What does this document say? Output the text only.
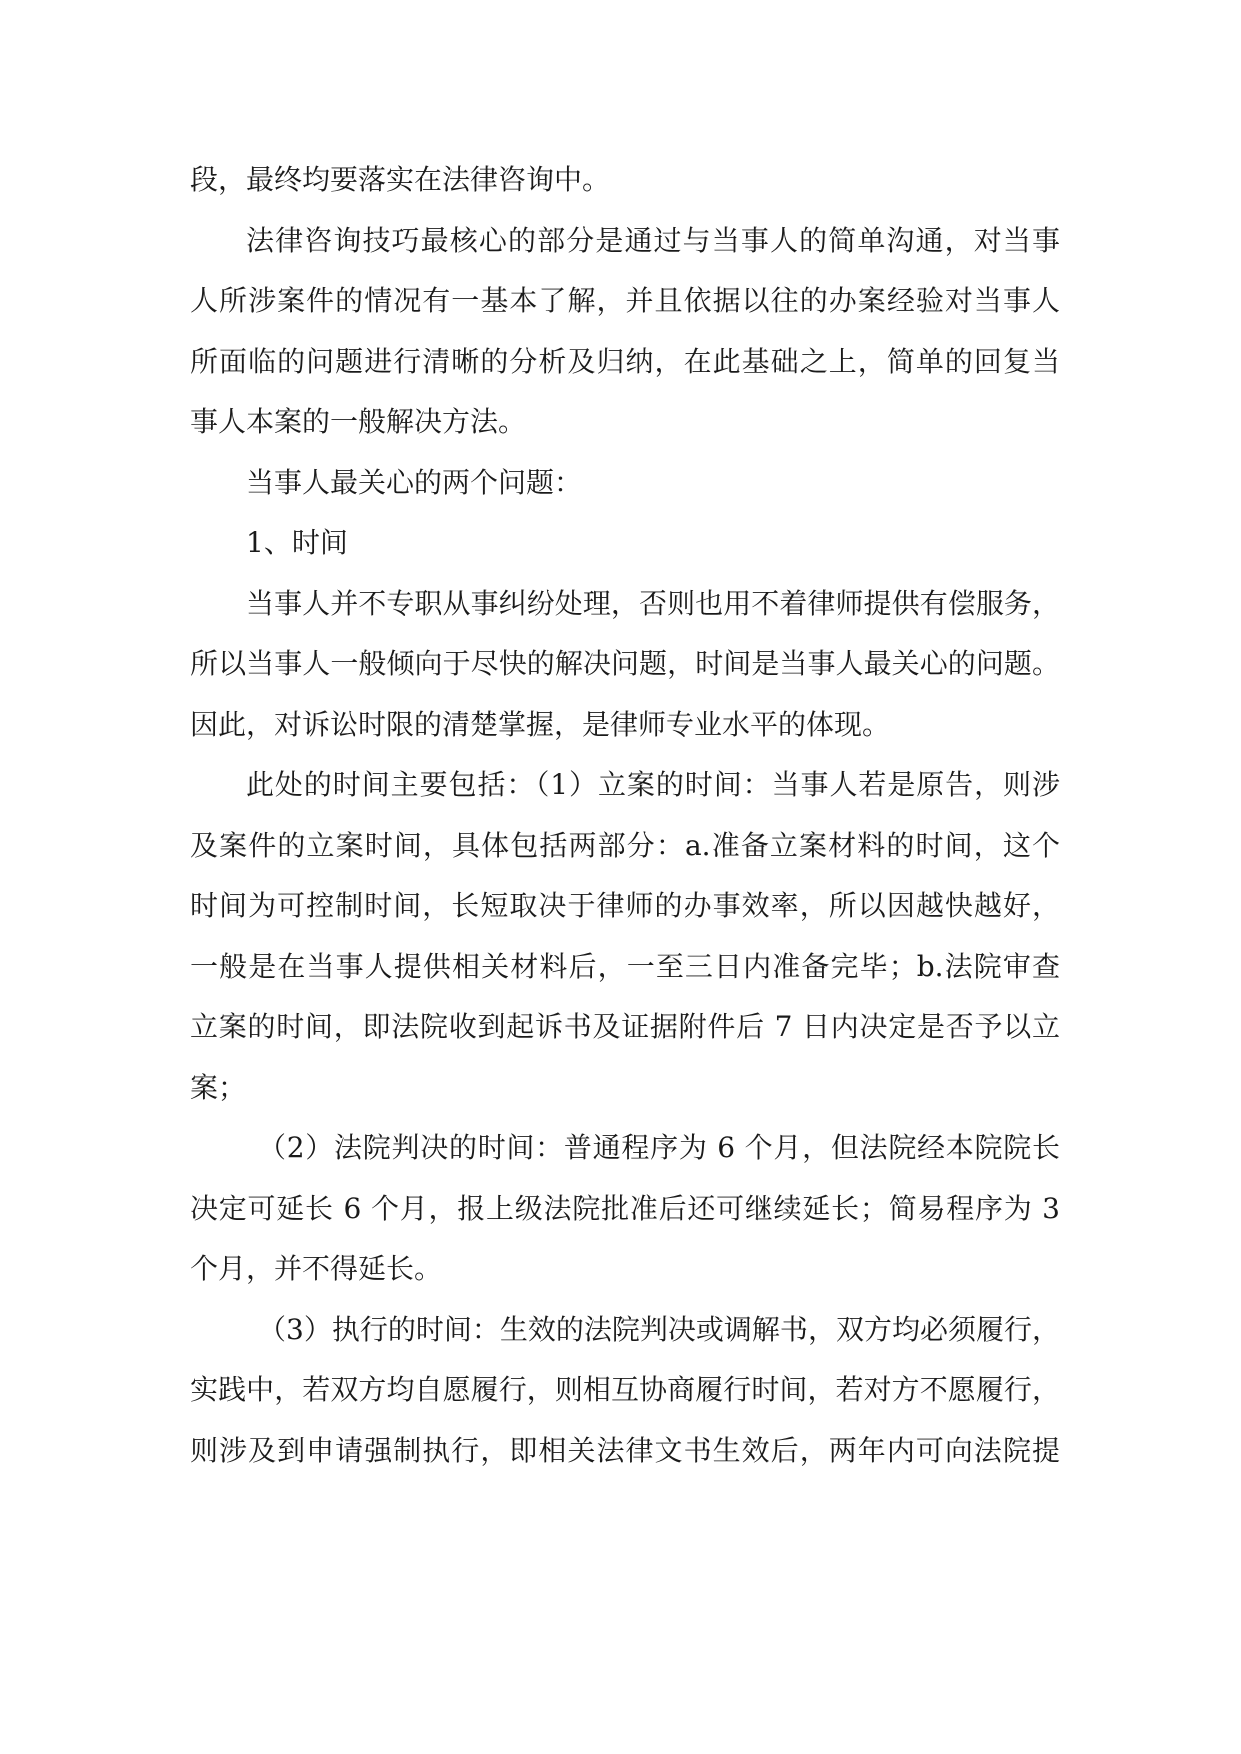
段，最终均要落实在法律咨询中。
法律咨询技巧最核心的部分是通过与当事人的简单沟通，对当事
人所涉案件的情况有一基本了解，并且依据以往的办案经验对当事人
所面临的问题进行清晰的分析及归纳，在此基础之上，简单的回复当
事人本案的一般解决方法。
当事人最关心的两个问题：
1、时间
当事人并不专职从事纠纷处理，否则也用不着律师提供有偿服务，
所以当事人一般倾向于尽快的解决问题，时间是当事人最关心的问题。
因此，对诉讼时限的清楚掌握，是律师专业水平的体现。
此处的时间主要包括：（1）立案的时间：当事人若是原告，则涉
及案件的立案时间，具体包括两部分：a.准备立案材料的时间，这个
时间为可控制时间，长短取决于律师的办事效率，所以因越快越好，
一般是在当事人提供相关材料后，一至三日内准备完毕；b.法院审查
立案的时间，即法院收到起诉书及证据附件后 7 日内决定是否予以立
案；
（2）法院判决的时间：普通程序为 6 个月，但法院经本院院长
决定可延长 6 个月，报上级法院批准后还可继续延长；简易程序为 3
个月，并不得延长。
（3）执行的时间：生效的法院判决或调解书，双方均必须履行，
实践中，若双方均自愿履行，则相互协商履行时间，若对方不愿履行，
则涉及到申请强制执行，即相关法律文书生效后，两年内可向法院提
